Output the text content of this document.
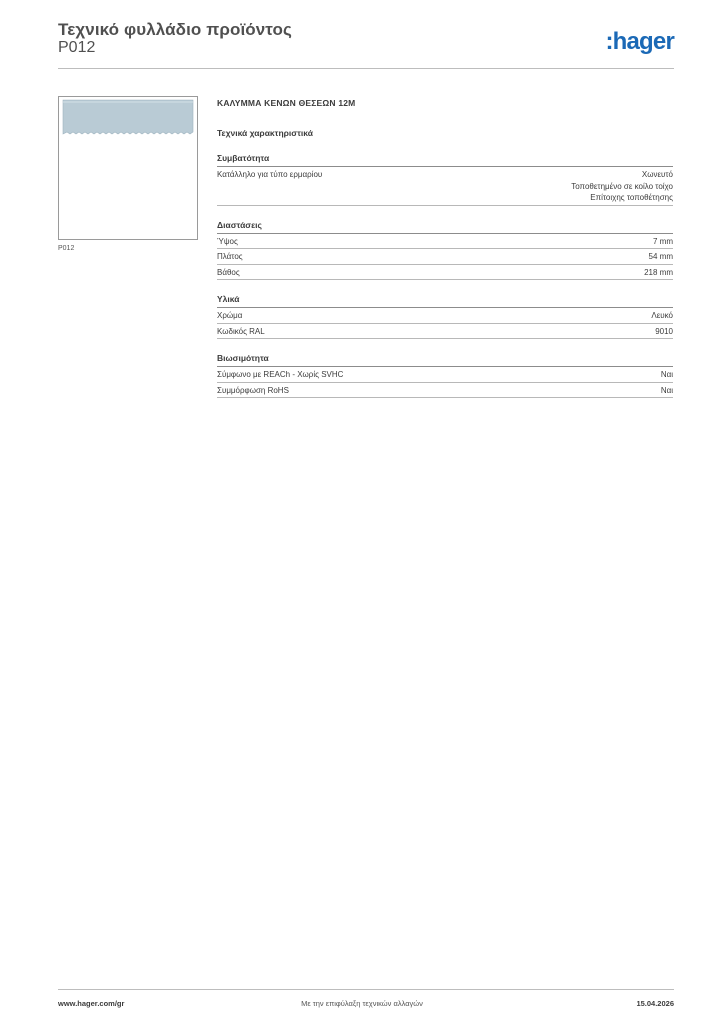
Τεχνικό φυλλάδιο προϊόντος
P012	:hager
P012
ΚΑΛΥΜΜΑ ΚΕΝΩΝ ΘΕΣΕΩΝ 12M
Τεχνικά χαρακτηριστικά
Συμβατότητα
Κατάλληλο για τύπο ερμαρίου	Χωνευτό
Τοποθετημένο σε κοίλο τοίχο
Επίτοιχης τοποθέτησης
Διαστάσεις
Ύψος	7 mm
Πλάτος	54 mm
Βάθος	218 mm
Υλικά
Χρώμα	Λευκό
Κωδικός RAL	9010
Βιωσιμότητα
Σύμφωνο με REACh - Χωρίς SVHC	Ναι
Συμμόρφωση RoHS	Ναι
www.hager.com/gr	Με την επιφύλαξη τεχνικών αλλαγών	15.04.2026
